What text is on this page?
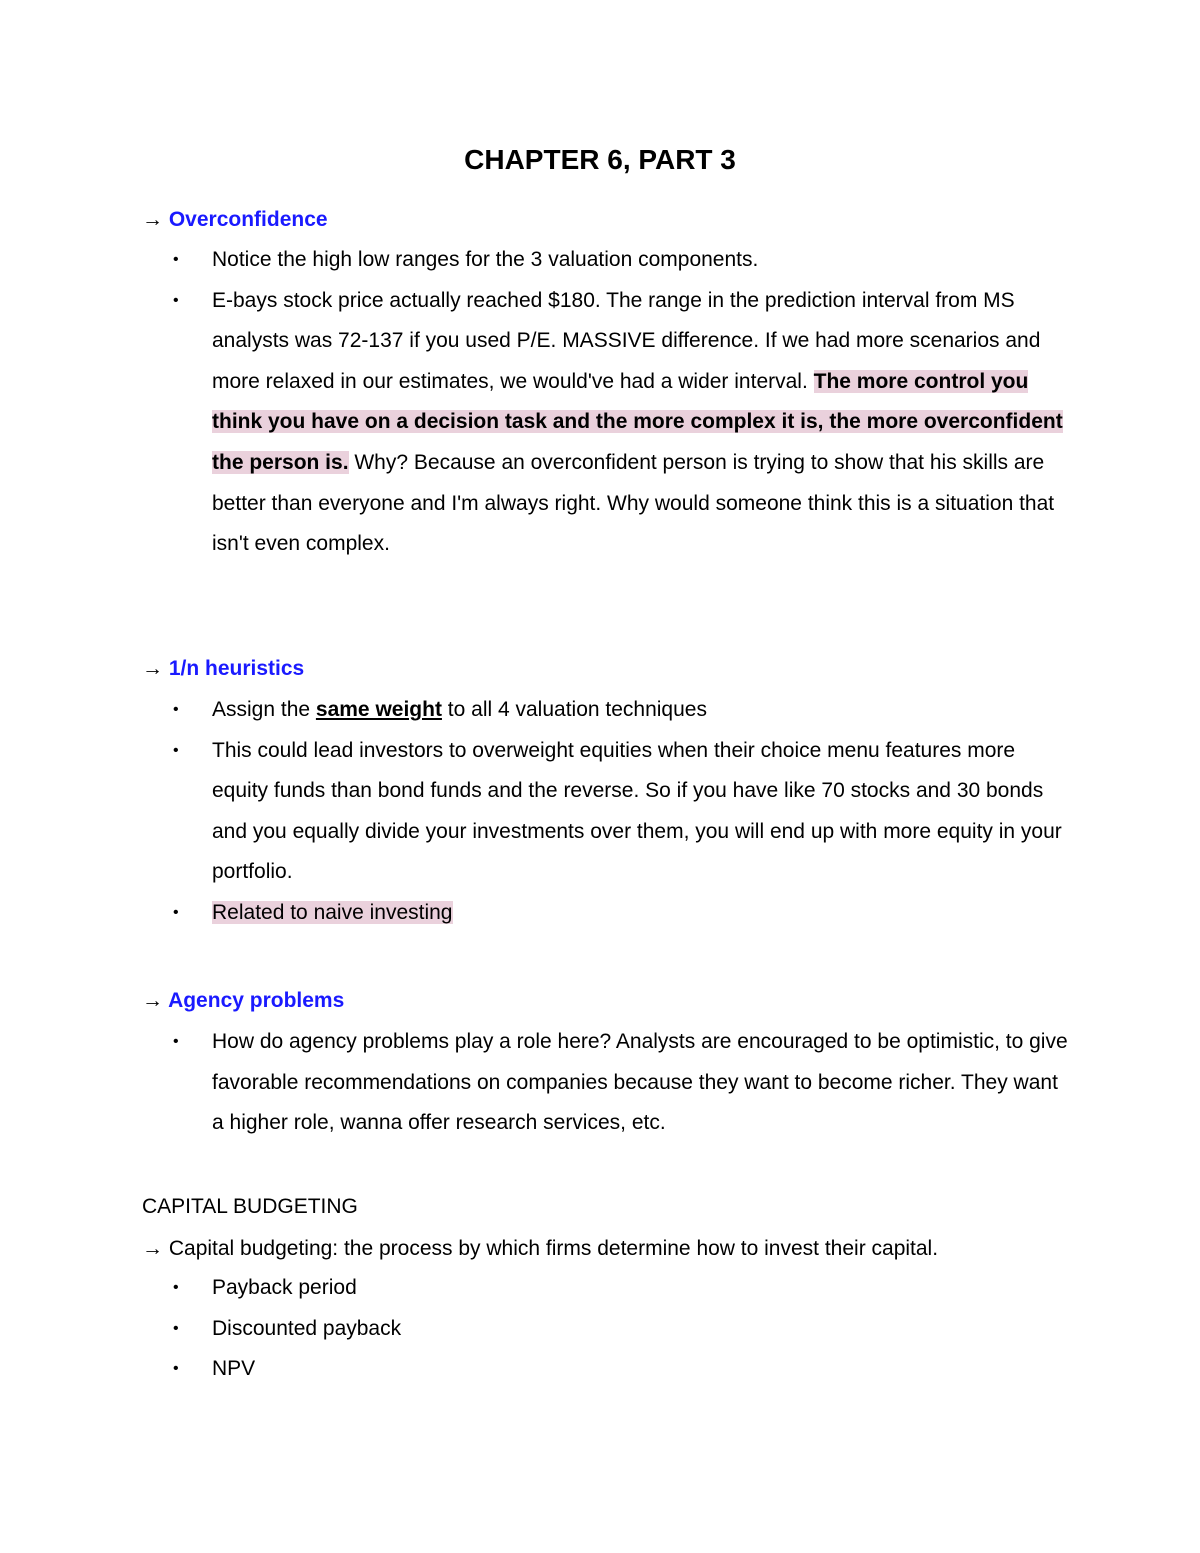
CHAPTER 6, PART 3
→ Overconfidence
• Notice the high low ranges for the 3 valuation components.
• E-bays stock price actually reached $180. The range in the prediction interval from MS analysts was 72-137 if you used P/E. MASSIVE difference. If we had more scenarios and more relaxed in our estimates, we would've had a wider interval. The more control you think you have on a decision task and the more complex it is, the more overconfident the person is. Why? Because an overconfident person is trying to show that his skills are better than everyone and I'm always right. Why would someone think this is a situation that isn't even complex.
→ 1/n heuristics
• Assign the same weight to all 4 valuation techniques
• This could lead investors to overweight equities when their choice menu features more equity funds than bond funds and the reverse. So if you have like 70 stocks and 30 bonds and you equally divide your investments over them, you will end up with more equity in your portfolio.
• Related to naive investing
→ Agency problems
• How do agency problems play a role here? Analysts are encouraged to be optimistic, to give favorable recommendations on companies because they want to become richer. They want a higher role, wanna offer research services, etc.
CAPITAL BUDGETING
→ Capital budgeting: the process by which firms determine how to invest their capital.
• Payback period
• Discounted payback
• NPV
